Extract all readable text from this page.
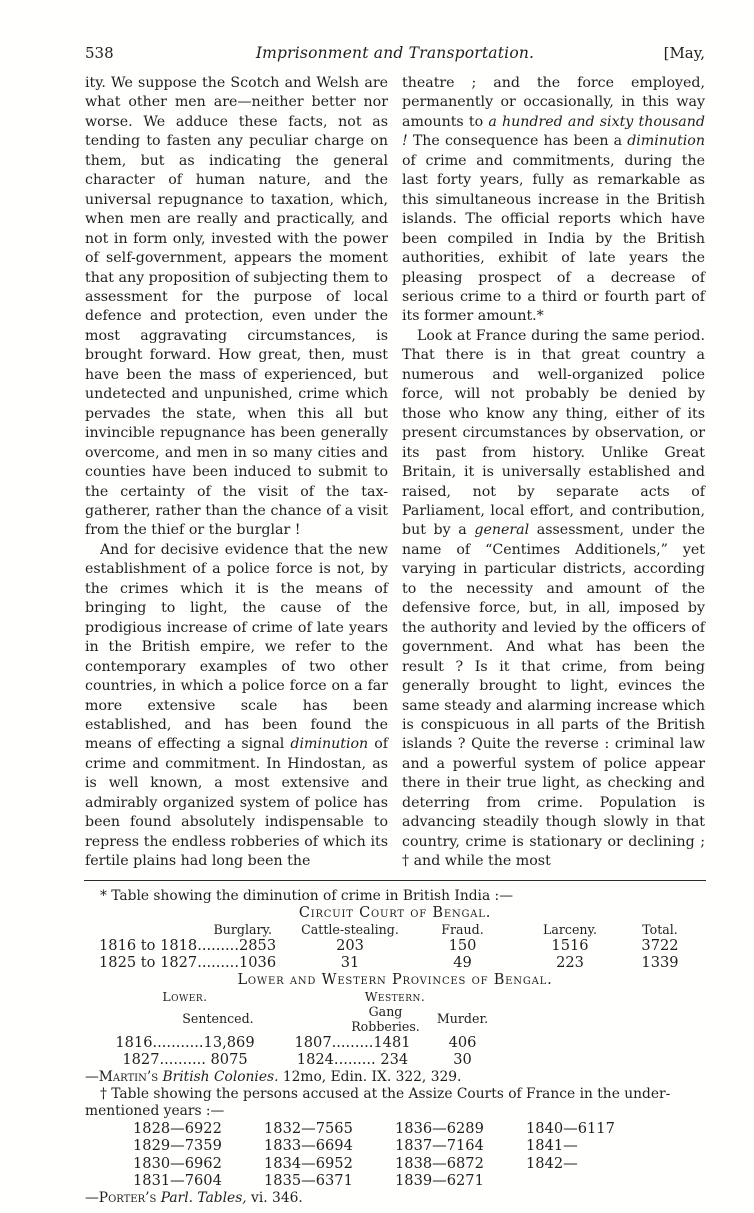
538	Imprisonment and Transportation.	[May,

ity. We suppose the Scotch and Welsh are what other men are—neither better nor worse. We adduce these facts, not as tending to fasten any peculiar charge on them, but as indicating the general character of human nature, and the universal repugnance to taxation, which, when men are really and practically, and not in form only, invested with the power of self-government, appears the moment that any proposition of subjecting them to assessment for the purpose of local defence and protection, even under the most aggravating circumstances, is brought forward. How great, then, must have been the mass of experienced, but undetected and unpunished, crime which pervades the state, when this all but invincible repugnance has been generally overcome, and men in so many cities and counties have been induced to submit to the certainty of the visit of the tax-gatherer, rather than the chance of a visit from the thief or the burglar !

And for decisive evidence that the new establishment of a police force is not, by the crimes which it is the means of bringing to light, the cause of the prodigious increase of crime of late years in the British empire, we refer to the contemporary examples of two other countries, in which a police force on a far more extensive scale has been established, and has been found the means of effecting a signal diminution of crime and commitment. In Hindostan, as is well known, a most extensive and admirably organized system of police has been found absolutely indispensable to repress the endless robberies of which its fertile plains had long been the

theatre ; and the force employed, permanently or occasionally, in this way amounts to a hundred and sixty thousand ! The consequence has been a diminution of crime and commitments, during the last forty years, fully as remarkable as this simultaneous increase in the British islands. The official reports which have been compiled in India by the British authorities, exhibit of late years the pleasing prospect of a decrease of serious crime to a third or fourth part of its former amount.*

Look at France during the same period. That there is in that great country a numerous and well-organized police force, will not probably be denied by those who know any thing, either of its present circumstances by observation, or its past from history. Unlike Great Britain, it is universally established and raised, not by separate acts of Parliament, local effort, and contribution, but by a general assessment, under the name of “Centimes Additionels,” yet varying in particular districts, according to the necessity and amount of the defensive force, but, in all, imposed by the authority and levied by the officers of government. And what has been the result ? Is it that crime, from being generally brought to light, evinces the same steady and alarming increase which is conspicuous in all parts of the British islands ? Quite the reverse : criminal law and a powerful system of police appear there in their true light, as checking and deterring from crime. Population is advancing steadily though slowly in that country, crime is stationary or declining ; † and while the most

* Table showing the diminution of crime in British India :—

Circuit Court of Bengal.
Burglary.	Cattle-stealing.	Fraud.	Larceny.	Total.
1816 to 1818.........2853	203	150	1516	3722
1825 to 1827.........1036	31	49	223	1339
Lower and Western Provinces of Bengal.
Lower.	Western.	
Sentenced.	Gang Robberies.	Murder.
1816...........13,869	1807.........1481	406
1827.......... 8075	1824......... 234	30

—Martin’s British Colonies. 12mo, Edin. IX. 322, 329.

† Table showing the persons accused at the Assize Courts of France in the under-mentioned years :—

1828—6922	1832—7565	1836—6289	1840—6117
1829—7359	1833—6694	1837—7164	1841—
1830—6962	1834—6952	1838—6872	1842—
1831—7604	1835—6371	1839—6271

—Porter’s Parl. Tables, vi. 346.
